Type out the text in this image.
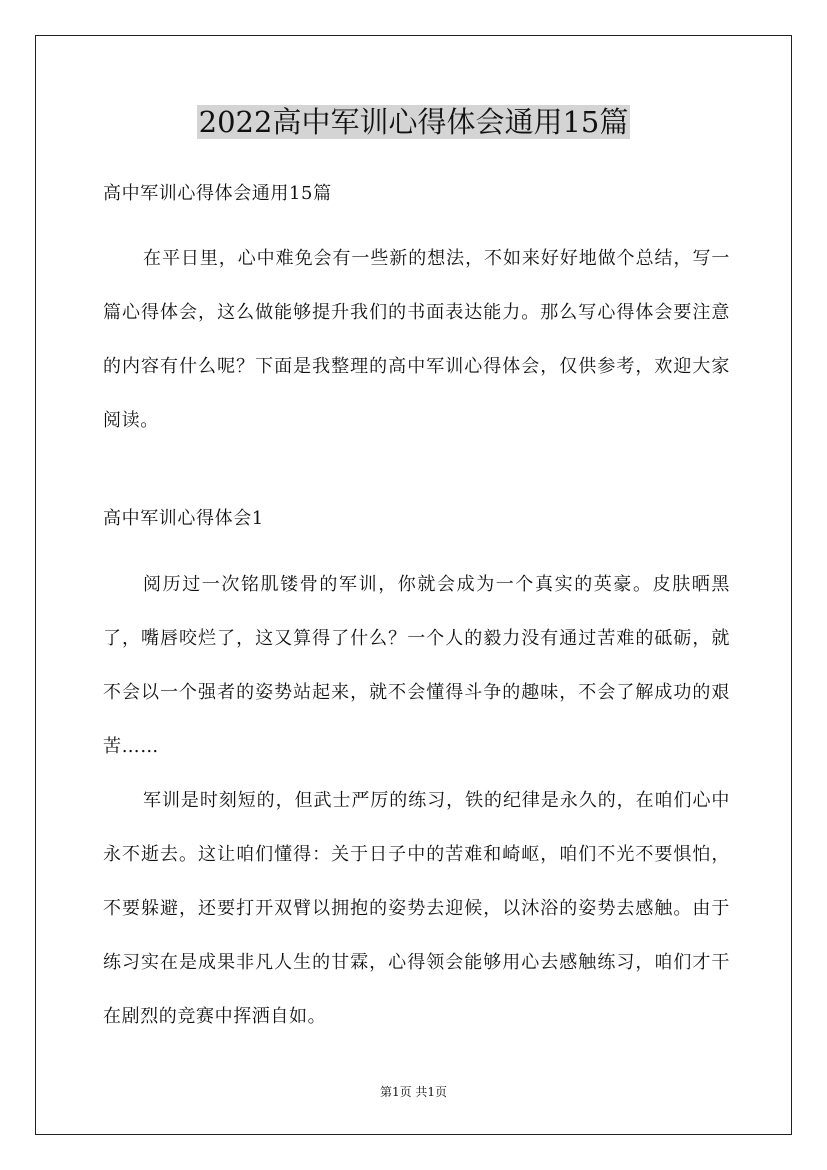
2022高中军训心得体会通用15篇

高中军训心得体会通用15篇

在平日里，心中难免会有一些新的想法，不如来好好地做个总结，写一篇心得体会，这么做能够提升我们的书面表达能力。那么写心得体会要注意的内容有什么呢？下面是我整理的高中军训心得体会，仅供参考，欢迎大家阅读。

高中军训心得体会1

阅历过一次铭肌镂骨的军训，你就会成为一个真实的英豪。皮肤晒黑了，嘴唇咬烂了，这又算得了什么？一个人的毅力没有通过苦难的砥砺，就不会以一个强者的姿势站起来，就不会懂得斗争的趣味，不会了解成功的艰苦……

军训是时刻短的，但武士严厉的练习，铁的纪律是永久的，在咱们心中永不逝去。这让咱们懂得：关于日子中的苦难和崎岖，咱们不光不要惧怕，不要躲避，还要打开双臂以拥抱的姿势去迎候，以沐浴的姿势去感触。由于练习实在是成果非凡人生的甘霖，心得领会能够用心去感触练习，咱们才干在剧烈的竞赛中挥洒自如。

第1页 共1页
